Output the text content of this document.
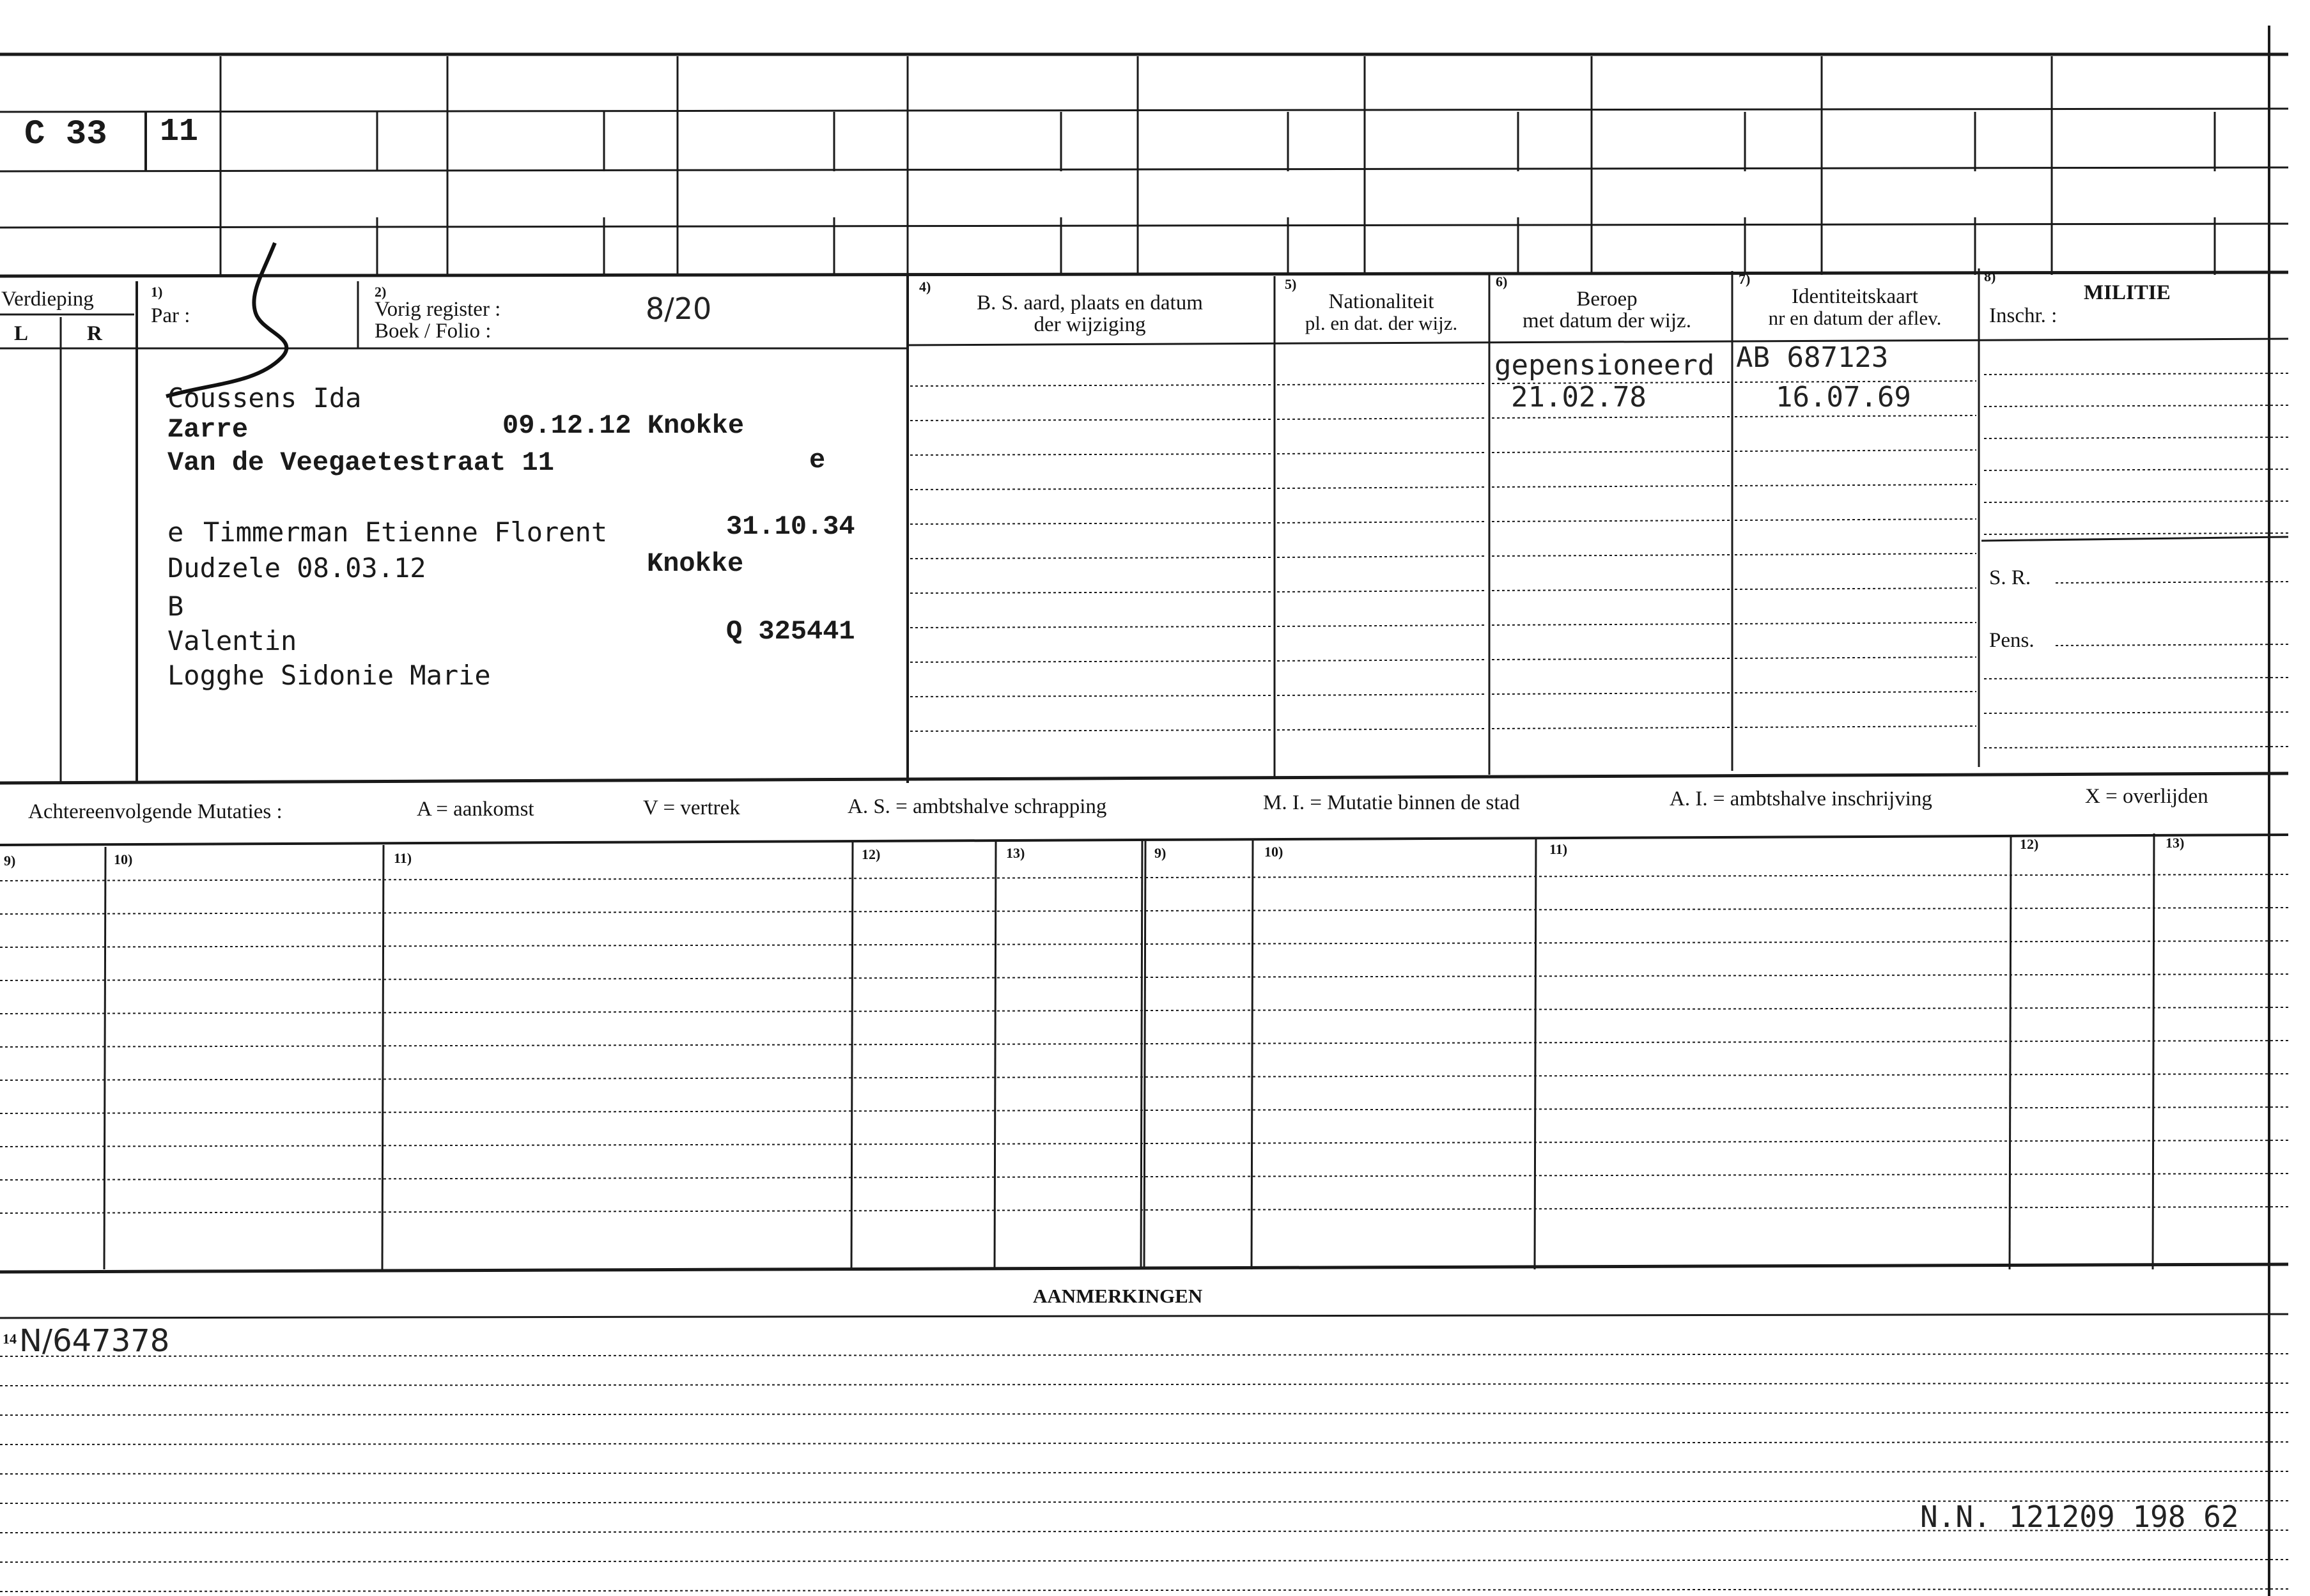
C 33 11
Verdieping
L	R
1)
Par :
2)
Vorig register :
Boek / Folio :
8/20
4)
B. S. aard, plaats en datum
der wijziging
5)
Nationaliteit
pl. en dat. der wijz.
6)
Beroep
met datum der wijz.
7)
Identiteitskaart
nr en datum der aflev.
8)
MILITIE
Inschr. :
S. R.
Pens.
Coussens Ida
Zarre	09.12.12 Knokke
Van de Veegaetestraat 11	e
e Timmerman Etienne Florent	31.10.34
Dudzele 08.03.12	Knokke
B
Valentin	Q 325441
Logghe Sidonie Marie
gepensioneerd
21.02.78
AB 687123
16.07.69
Achtereenvolgende Mutaties :	A = aankomst	V = vertrek	A. S. = ambtshalve schrapping	M. I. = Mutatie binnen de stad	A. I. = ambtshalve inschrijving	X = overlijden
9)	10)	11)	12)	13)	9)	10)	11)	12)	13)
AANMERKINGEN
14 N/647378
N.N. 121209 198 62
